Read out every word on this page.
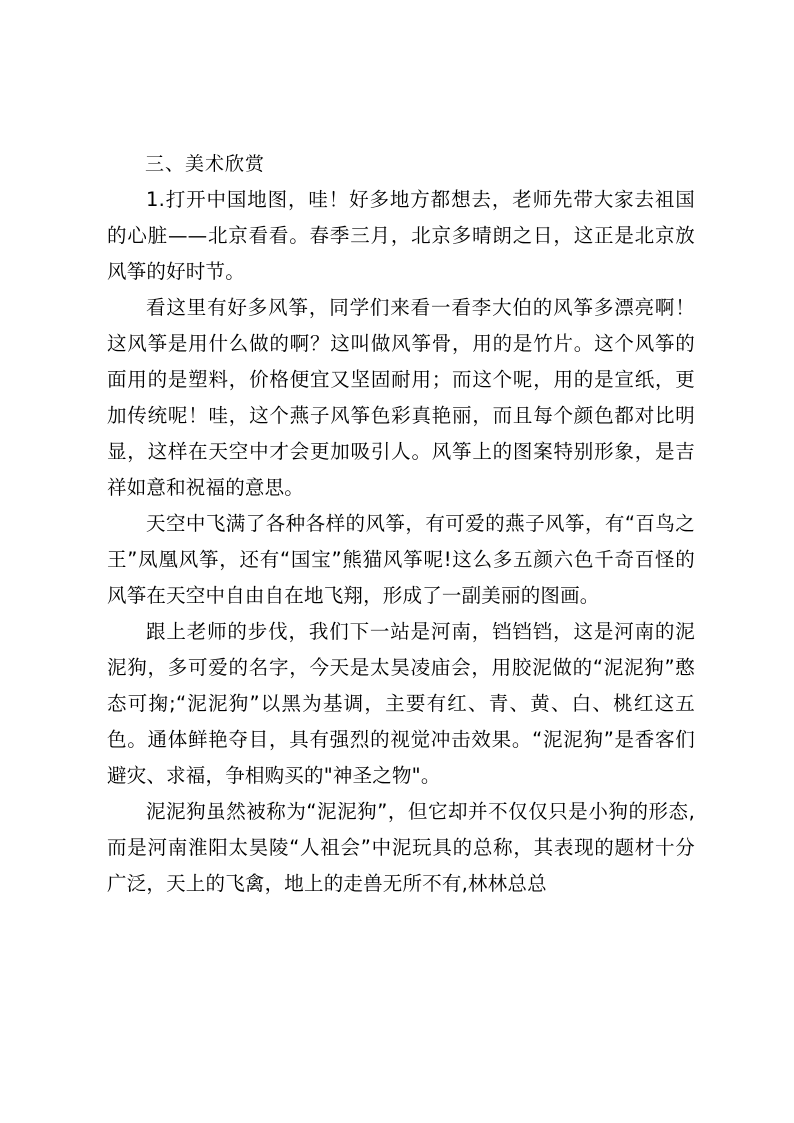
三、美术欣赏

1.打开中国地图，哇！好多地方都想去，老师先带大家去祖国的心脏——北京看看。春季三月，北京多晴朗之日，这正是北京放风筝的好时节。

看这里有好多风筝，同学们来看一看李大伯的风筝多漂亮啊！这风筝是用什么做的啊？这叫做风筝骨，用的是竹片。这个风筝的面用的是塑料，价格便宜又坚固耐用；而这个呢，用的是宣纸，更加传统呢！哇，这个燕子风筝色彩真艳丽，而且每个颜色都对比明显，这样在天空中才会更加吸引人。风筝上的图案特别形象，是吉祥如意和祝福的意思。

天空中飞满了各种各样的风筝，有可爱的燕子风筝，有“百鸟之王”凤凰风筝，还有“国宝”熊猫风筝呢!这么多五颜六色千奇百怪的风筝在天空中自由自在地飞翔，形成了一副美丽的图画。

跟上老师的步伐，我们下一站是河南，铛铛铛，这是河南的泥泥狗，多可爱的名字，今天是太昊凌庙会，用胶泥做的“泥泥狗”憨态可掬;“泥泥狗”以黑为基调，主要有红、青、黄、白、桃红这五色。通体鲜艳夺目，具有强烈的视觉冲击效果。“泥泥狗”是香客们避灾、求福，争相购买的"神圣之物"。

泥泥狗虽然被称为“泥泥狗”，但它却并不仅仅只是小狗的形态,而是河南淮阳太昊陵“人祖会”中泥玩具的总称，其表现的题材十分广泛，天上的飞禽，地上的走兽无所不有,林林总总
